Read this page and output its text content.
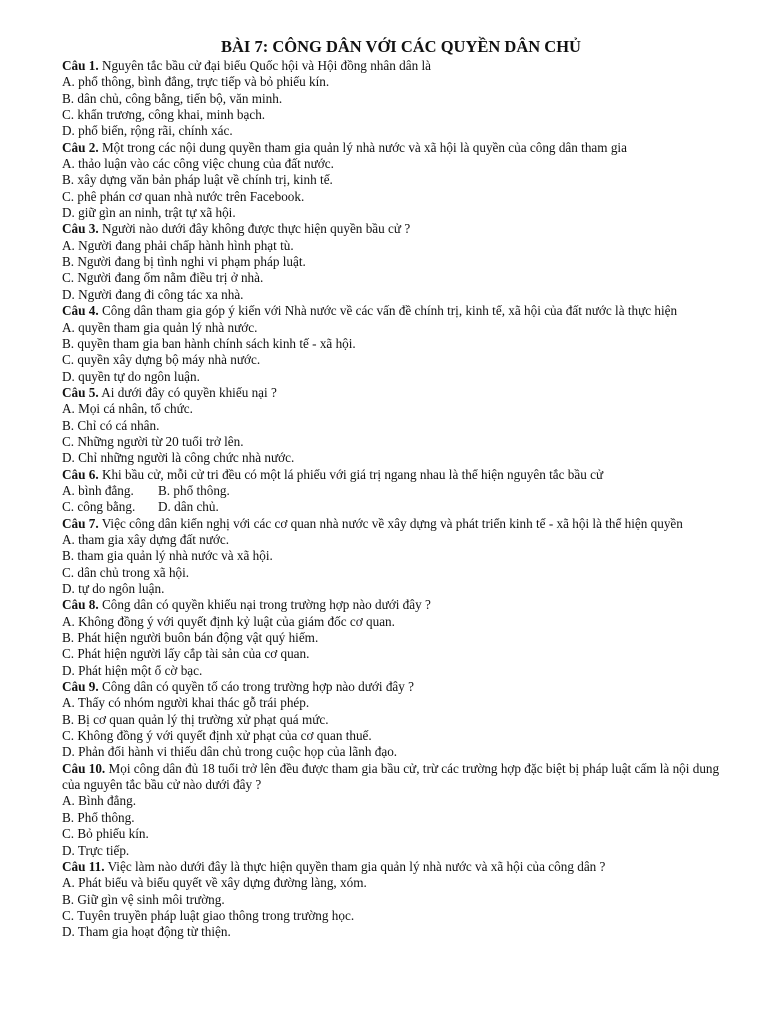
BÀI 7: CÔNG DÂN VỚI CÁC QUYỀN DÂN CHỦ

Câu 1. Nguyên tắc bầu cử đại biểu Quốc hội và Hội đồng nhân dân là

A. phổ thông, bình đẳng, trực tiếp và bỏ phiếu kín.

B. dân chủ, công bằng, tiến bộ, văn minh.

C. khẩn trương, công khai, minh bạch.

D. phổ biến, rộng rãi, chính xác.

Câu 2. Một trong các nội dung quyền tham gia quản lý nhà nước và xã hội là quyền của công dân tham gia

A. thảo luận vào các công việc chung của đất nước.

B. xây dựng văn bản pháp luật về chính trị, kinh tế.

C. phê phán cơ quan nhà nước trên Facebook.

D. giữ gìn an ninh, trật tự xã hội.

Câu 3. Người nào dưới đây không được thực hiện quyền bầu cử ?

A. Người đang phải chấp hành hình phạt tù.

B. Người đang bị tình nghi vi phạm pháp luật.

C. Người đang ốm nằm điều trị ở nhà.

D. Người đang đi công tác xa nhà.

Câu 4. Công dân tham gia góp ý kiến với Nhà nước về các vấn đề chính trị, kinh tế, xã hội của đất nước là thực hiện

A. quyền tham gia quản lý nhà nước.

B. quyền tham gia ban hành chính sách kinh tế - xã hội.

C. quyền xây dựng bộ máy nhà nước.

D. quyền tự do ngôn luận.

Câu 5. Ai dưới đây có quyền khiếu nại ?

A. Mọi cá nhân, tổ chức.

B. Chỉ có cá nhân.

C. Những người từ 20 tuổi trở lên.

D. Chỉ những người là công chức nhà nước.

Câu 6. Khi bầu cử, mỗi cử tri đều có một lá phiếu với giá trị ngang nhau là thể hiện nguyên tắc bầu cử

A. bình đẳng. B. phổ thông.
C. công bằng. D. dân chủ.

Câu 7. Việc công dân kiến nghị với các cơ quan nhà nước về xây dựng và phát triển kinh tế - xã hội là thể hiện quyền

A. tham gia xây dựng đất nước.

B. tham gia quản lý nhà nước và xã hội.

C. dân chủ trong xã hội.

D. tự do ngôn luận.

Câu 8. Công dân có quyền khiếu nại trong trường hợp nào dưới đây ?

A. Không đồng ý với quyết định kỷ luật của giám đốc cơ quan.

B. Phát hiện người buôn bán động vật quý hiếm.

C. Phát hiện người lấy cắp tài sản của cơ quan.

D. Phát hiện một ổ cờ bạc.

Câu 9. Công dân có quyền tố cáo trong trường hợp nào dưới đây ?

A. Thấy có nhóm người khai thác gỗ trái phép.

B. Bị cơ quan quản lý thị trường xử phạt quá mức.

C. Không đồng ý với quyết định xử phạt của cơ quan thuế.

D. Phản đối hành vi thiếu dân chủ trong cuộc họp của lãnh đạo.

Câu 10. Mọi công dân đủ 18 tuổi trở lên đều được tham gia bầu cử, trừ các trường hợp đặc biệt bị pháp luật cấm là nội dung của nguyên tắc bầu cử nào dưới đây ?

A. Bình đẳng.

B. Phổ thông.

C. Bỏ phiếu kín.

D. Trực tiếp.

Câu 11. Việc làm nào dưới đây là thực hiện quyền tham gia quản lý nhà nước và xã hội của công dân ?

A. Phát biểu và biểu quyết về xây dựng đường làng, xóm.

B. Giữ gìn vệ sinh môi trường.

C. Tuyên truyền pháp luật giao thông trong trường học.

D. Tham gia hoạt động từ thiện.
